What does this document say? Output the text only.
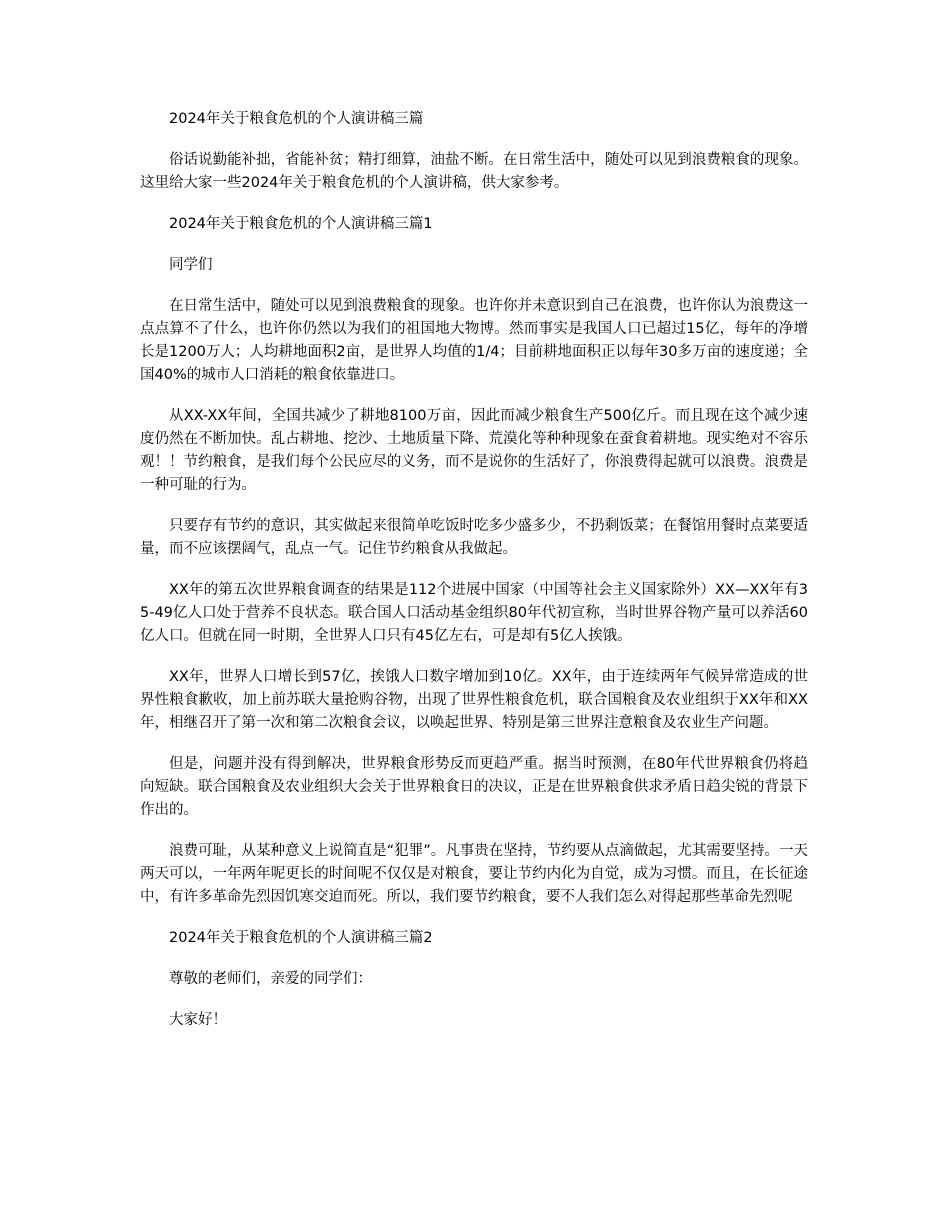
2024年关于粮食危机的个人演讲稿三篇

俗话说勤能补拙，省能补贫；精打细算，油盐不断。在日常生活中，随处可以见到浪费粮食的现象。这里给大家一些2024年关于粮食危机的个人演讲稿，供大家参考。

2024年关于粮食危机的个人演讲稿三篇1

同学们

在日常生活中，随处可以见到浪费粮食的现象。也许你并未意识到自己在浪费，也许你认为浪费这一点点算不了什么，也许你仍然以为我们的祖国地大物博。然而事实是我国人口已超过15亿，每年的净增长是1200万人；人均耕地面积2亩，是世界人均值的1/4；目前耕地面积正以每年30多万亩的速度递；全国40%的城市人口消耗的粮食依靠进口。

从XX-XX年间，全国共减少了耕地8100万亩，因此而减少粮食生产500亿斤。而且现在这个减少速度仍然在不断加快。乱占耕地、挖沙、土地质量下降、荒漠化等种种现象在蚕食着耕地。现实绝对不容乐观！！节约粮食，是我们每个公民应尽的义务，而不是说你的生活好了，你浪费得起就可以浪费。浪费是一种可耻的行为。

只要存有节约的意识，其实做起来很简单吃饭时吃多少盛多少，不扔剩饭菜；在餐馆用餐时点菜要适量，而不应该摆阔气，乱点一气。记住节约粮食从我做起。

XX年的第五次世界粮食调查的结果是112个进展中国家（中国等社会主义国家除外）XX—XX年有35-49亿人口处于营养不良状态。联合国人口活动基金组织80年代初宣称，当时世界谷物产量可以养活60亿人口。但就在同一时期，全世界人口只有45亿左右，可是却有5亿人挨饿。

XX年，世界人口增长到57亿，挨饿人口数字增加到10亿。XX年，由于连续两年气候异常造成的世界性粮食歉收，加上前苏联大量抢购谷物，出现了世界性粮食危机，联合国粮食及农业组织于XX年和XX年，相继召开了第一次和第二次粮食会议，以唤起世界、特别是第三世界注意粮食及农业生产问题。

但是，问题并没有得到解决，世界粮食形势反而更趋严重。据当时预测，在80年代世界粮食仍将趋向短缺。联合国粮食及农业组织大会关于世界粮食日的决议，正是在世界粮食供求矛盾日趋尖锐的背景下作出的。

浪费可耻，从某种意义上说简直是“犯罪”。凡事贵在坚持，节约要从点滴做起，尤其需要坚持。一天两天可以，一年两年呢更长的时间呢不仅仅是对粮食，要让节约内化为自觉，成为习惯。而且，在长征途中，有许多革命先烈因饥寒交迫而死。所以，我们要节约粮食，要不人我们怎么对得起那些革命先烈呢

2024年关于粮食危机的个人演讲稿三篇2

尊敬的老师们，亲爱的同学们：

大家好！
